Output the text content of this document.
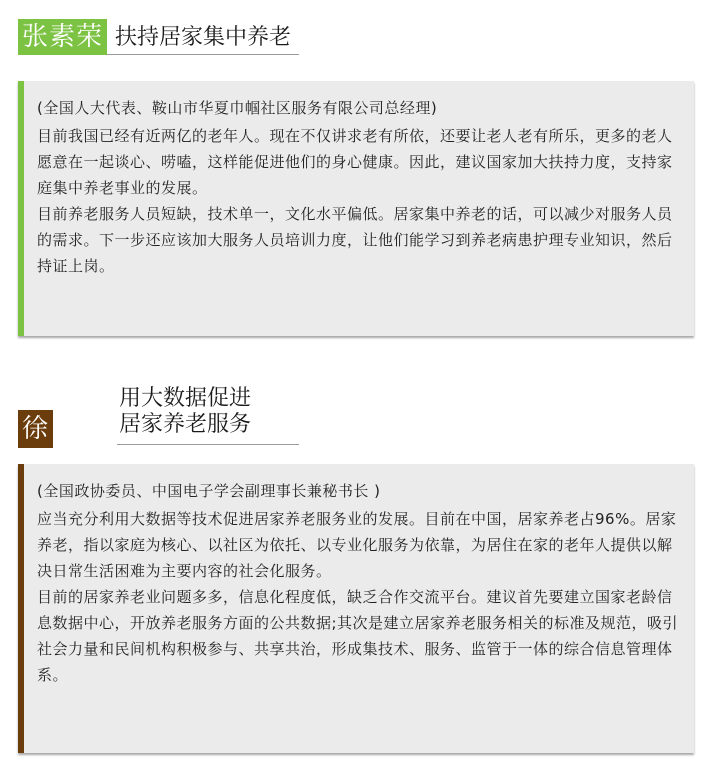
张素荣 扶持居家集中养老

(全国人大代表、鞍山市华夏巾帼社区服务有限公司总经理)

目前我国已经有近两亿的老年人。现在不仅讲求老有所依，还要让老人老有所乐，更多的老人愿意在一起谈心、唠嗑，这样能促进他们的身心健康。因此，建议国家加大扶持力度，支持家庭集中养老事业的发展。

目前养老服务人员短缺，技术单一，文化水平偏低。居家集中养老的话，可以减少对服务人员的需求。下一步还应该加大服务人员培训力度，让他们能学习到养老病患护理专业知识，然后持证上岗。

徐
用大数据促进
居家养老服务

(全国政协委员、中国电子学会副理事长兼秘书长 )

应当充分利用大数据等技术促进居家养老服务业的发展。目前在中国，居家养老占96%。居家养老，指以家庭为核心、以社区为依托、以专业化服务为依靠，为居住在家的老年人提供以解决日常生活困难为主要内容的社会化服务。

目前的居家养老业问题多多，信息化程度低，缺乏合作交流平台。建议首先要建立国家老龄信息数据中心，开放养老服务方面的公共数据;其次是建立居家养老服务相关的标准及规范，吸引社会力量和民间机构积极参与、共享共治，形成集技术、服务、监管于一体的综合信息管理体系。
